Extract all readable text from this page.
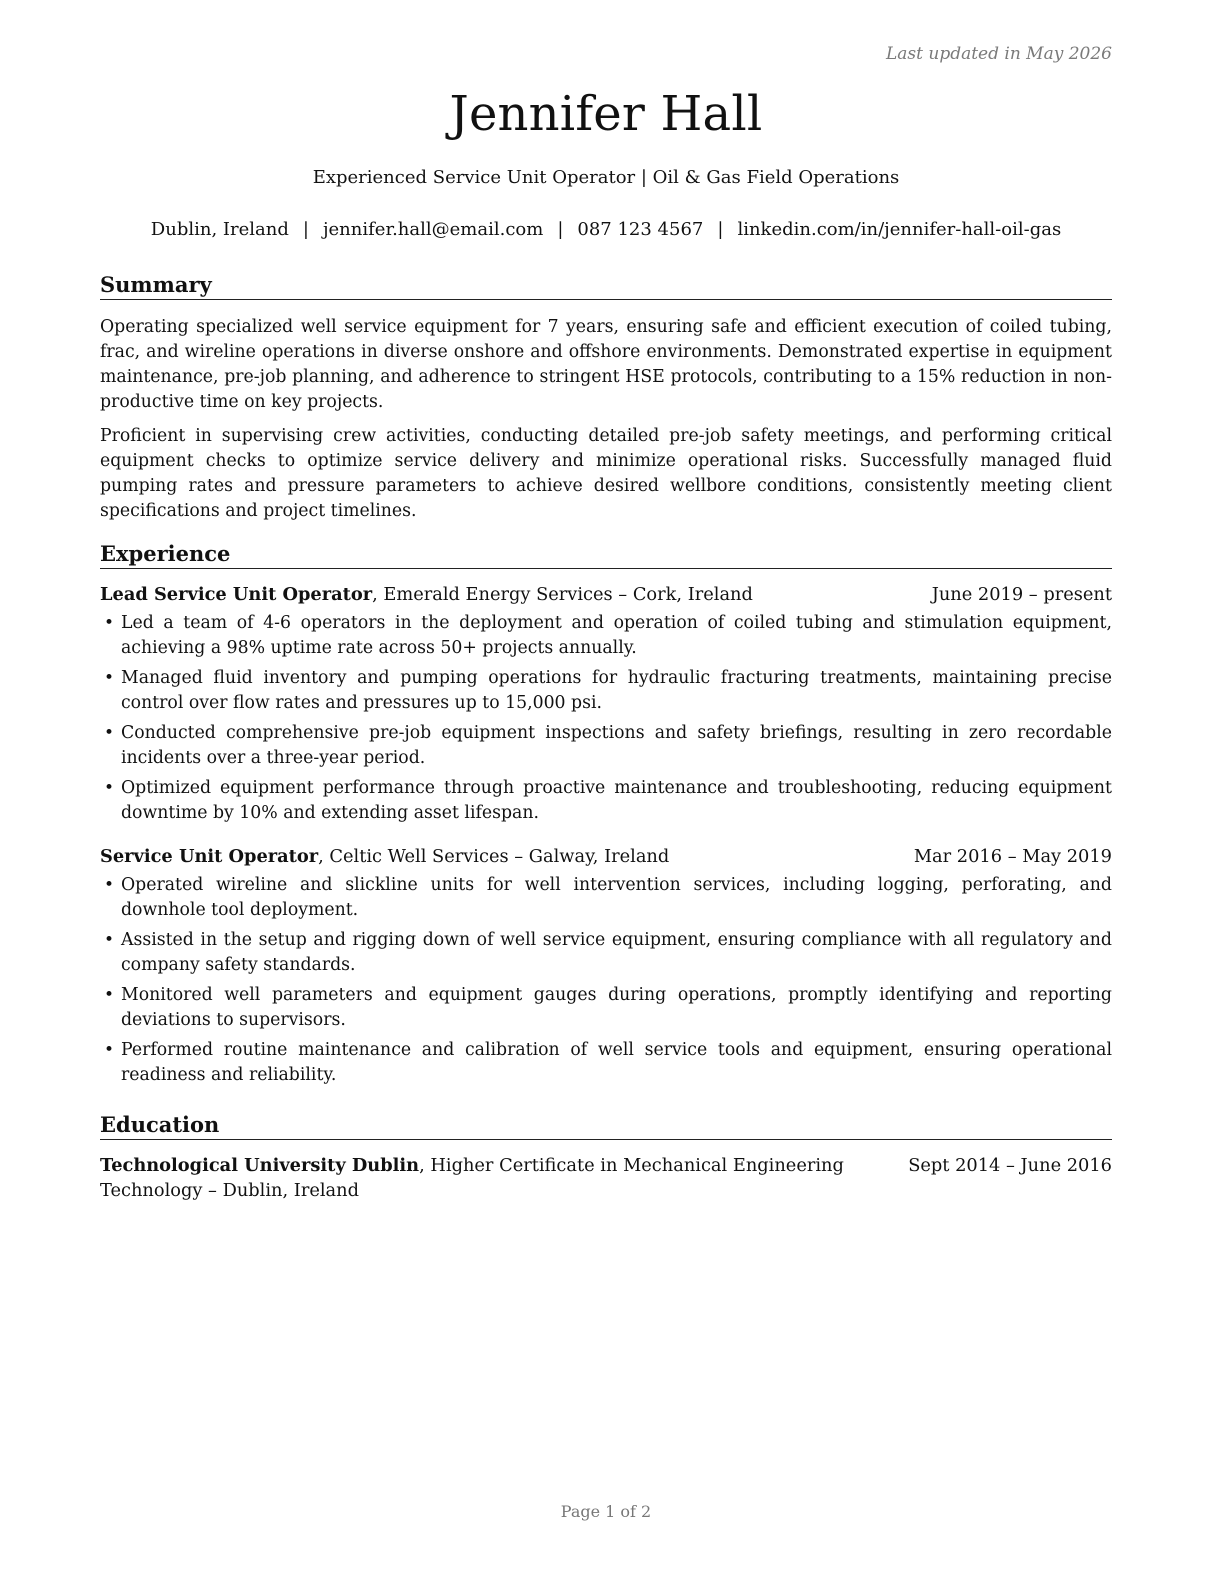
Last updated in May 2026
Jennifer Hall
Experienced Service Unit Operator | Oil & Gas Field Operations
Dublin, Ireland | jennifer.hall@email.com | 087 123 4567 | linkedin.com/in/jennifer-hall-oil-gas
Summary

Operating specialized well service equipment for 7 years, ensuring safe and efficient execution of coiled tubing, frac, and wireline operations in diverse onshore and offshore environments. Demonstrated expertise in equipment maintenance, pre-job planning, and adherence to stringent HSE protocols, contributing to a 15% reduction in non-productive time on key projects.

Proficient in supervising crew activities, conducting detailed pre-job safety meetings, and performing critical equipment checks to optimize service delivery and minimize operational risks. Successfully managed fluid pumping rates and pressure parameters to achieve desired wellbore conditions, consistently meeting client specifications and project timelines.

Experience
Lead Service Unit Operator, Emerald Energy Services – Cork, Ireland	June 2019 – present
• Led a team of 4-6 operators in the deployment and operation of coiled tubing and stimulation equipment, achieving a 98% uptime rate across 50+ projects annually.
• Managed fluid inventory and pumping operations for hydraulic fracturing treatments, maintaining precise control over flow rates and pressures up to 15,000 psi.
• Conducted comprehensive pre-job equipment inspections and safety briefings, resulting in zero recordable incidents over a three-year period.
• Optimized equipment performance through proactive maintenance and troubleshooting, reducing equipment downtime by 10% and extending asset lifespan.
Service Unit Operator, Celtic Well Services – Galway, Ireland	Mar 2016 – May 2019
• Operated wireline and slickline units for well intervention services, including logging, perforating, and downhole tool deployment.
• Assisted in the setup and rigging down of well service equipment, ensuring compliance with all regulatory and company safety standards.
• Monitored well parameters and equipment gauges during operations, promptly identifying and reporting deviations to supervisors.
• Performed routine maintenance and calibration of well service tools and equipment, ensuring operational readiness and reliability.
Education
Technological University Dublin, Higher Certificate in Mechanical Engineering Technology – Dublin, Ireland
Sept 2014 – June 2016
Page 1 of 2
